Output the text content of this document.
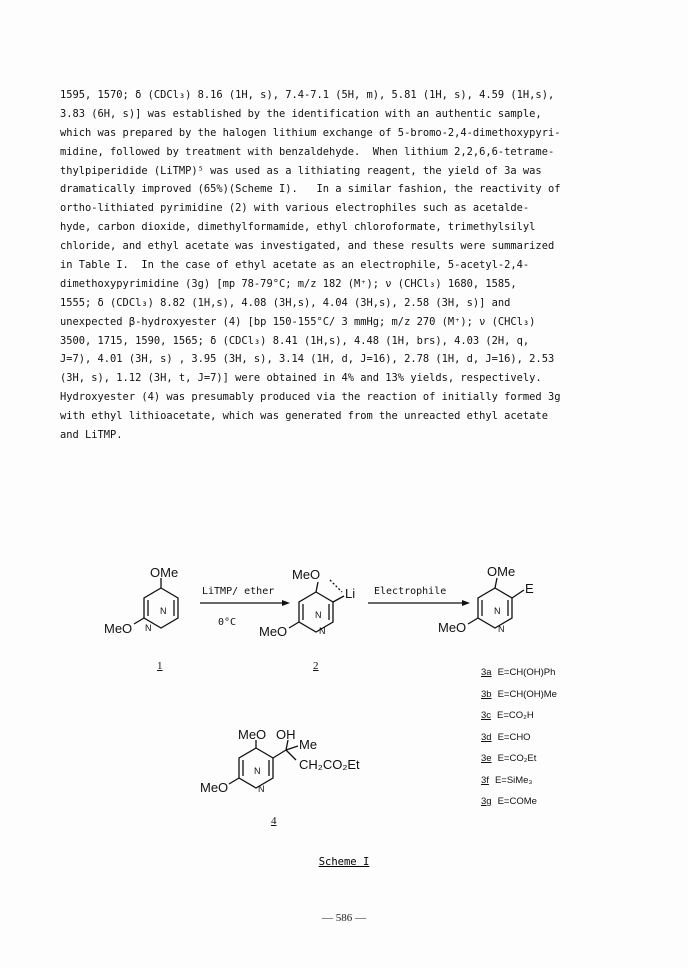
1595, 1570; δ (CDCl₃) 8.16 (1H, s), 7.4-7.1 (5H, m), 5.81 (1H, s), 4.59 (1H,s),
3.83 (6H, s)] was established by the identification with an authentic sample,
which was prepared by the halogen lithium exchange of 5-bromo-2,4-dimethoxypyri-
midine, followed by treatment with benzaldehyde.  When lithium 2,2,6,6-tetrame-
thylpiperidide (LiTMP)⁵ was used as a lithiating reagent, the yield of 3a was
dramatically improved (65%)(Scheme I).   In a similar fashion, the reactivity of
ortho-lithiated pyrimidine (2) with various electrophiles such as acetalde-
hyde, carbon dioxide, dimethylformamide, ethyl chloroformate, trimethylsilyl
chloride, and ethyl acetate was investigated, and these results were summarized
in Table I.  In the case of ethyl acetate as an electrophile, 5-acetyl-2,4-
dimethoxypyrimidine (3g) [mp 78-79°C; m/z 182 (M⁺); ν (CHCl₃) 1680, 1585,
1555; δ (CDCl₃) 8.82 (1H,s), 4.08 (3H,s), 4.04 (3H,s), 2.58 (3H, s)] and
unexpected β-hydroxyester (4) [bp 150-155°C/ 3 mmHg; m/z 270 (M⁺); ν (CHCl₃)
3500, 1715, 1590, 1565; δ (CDCl₃) 8.41 (1H,s), 4.48 (1H, brs), 4.03 (2H, q,
J=7), 4.01 (3H, s) , 3.95 (3H, s), 3.14 (1H, d, J=16), 2.78 (1H, d, J=16), 2.53
(3H, s), 1.12 (3H, t, J=7)] were obtained in 4% and 13% yields, respectively.
Hydroxyester (4) was presumably produced via the reaction of initially formed 3g
with ethyl lithioacetate, which was generated from the unreacted ethyl acetate
and LiTMP.
OMe
N
MeO N
LiTMP/ ether
0°C
Electrophile
MeO
Li
MeO
N
N
OMe
E
MeO
N
N
MeO OH
Me
CH₂CO₂Et
MeO
N
N
1	2
4
3a E=CH(OH)Ph
3b E=CH(OH)Me
3c E=CO₂H
3d E=CHO
3e E=CO₂Et
3f E=SiMe₃
3g E=COMe
Scheme I
— 586 —
